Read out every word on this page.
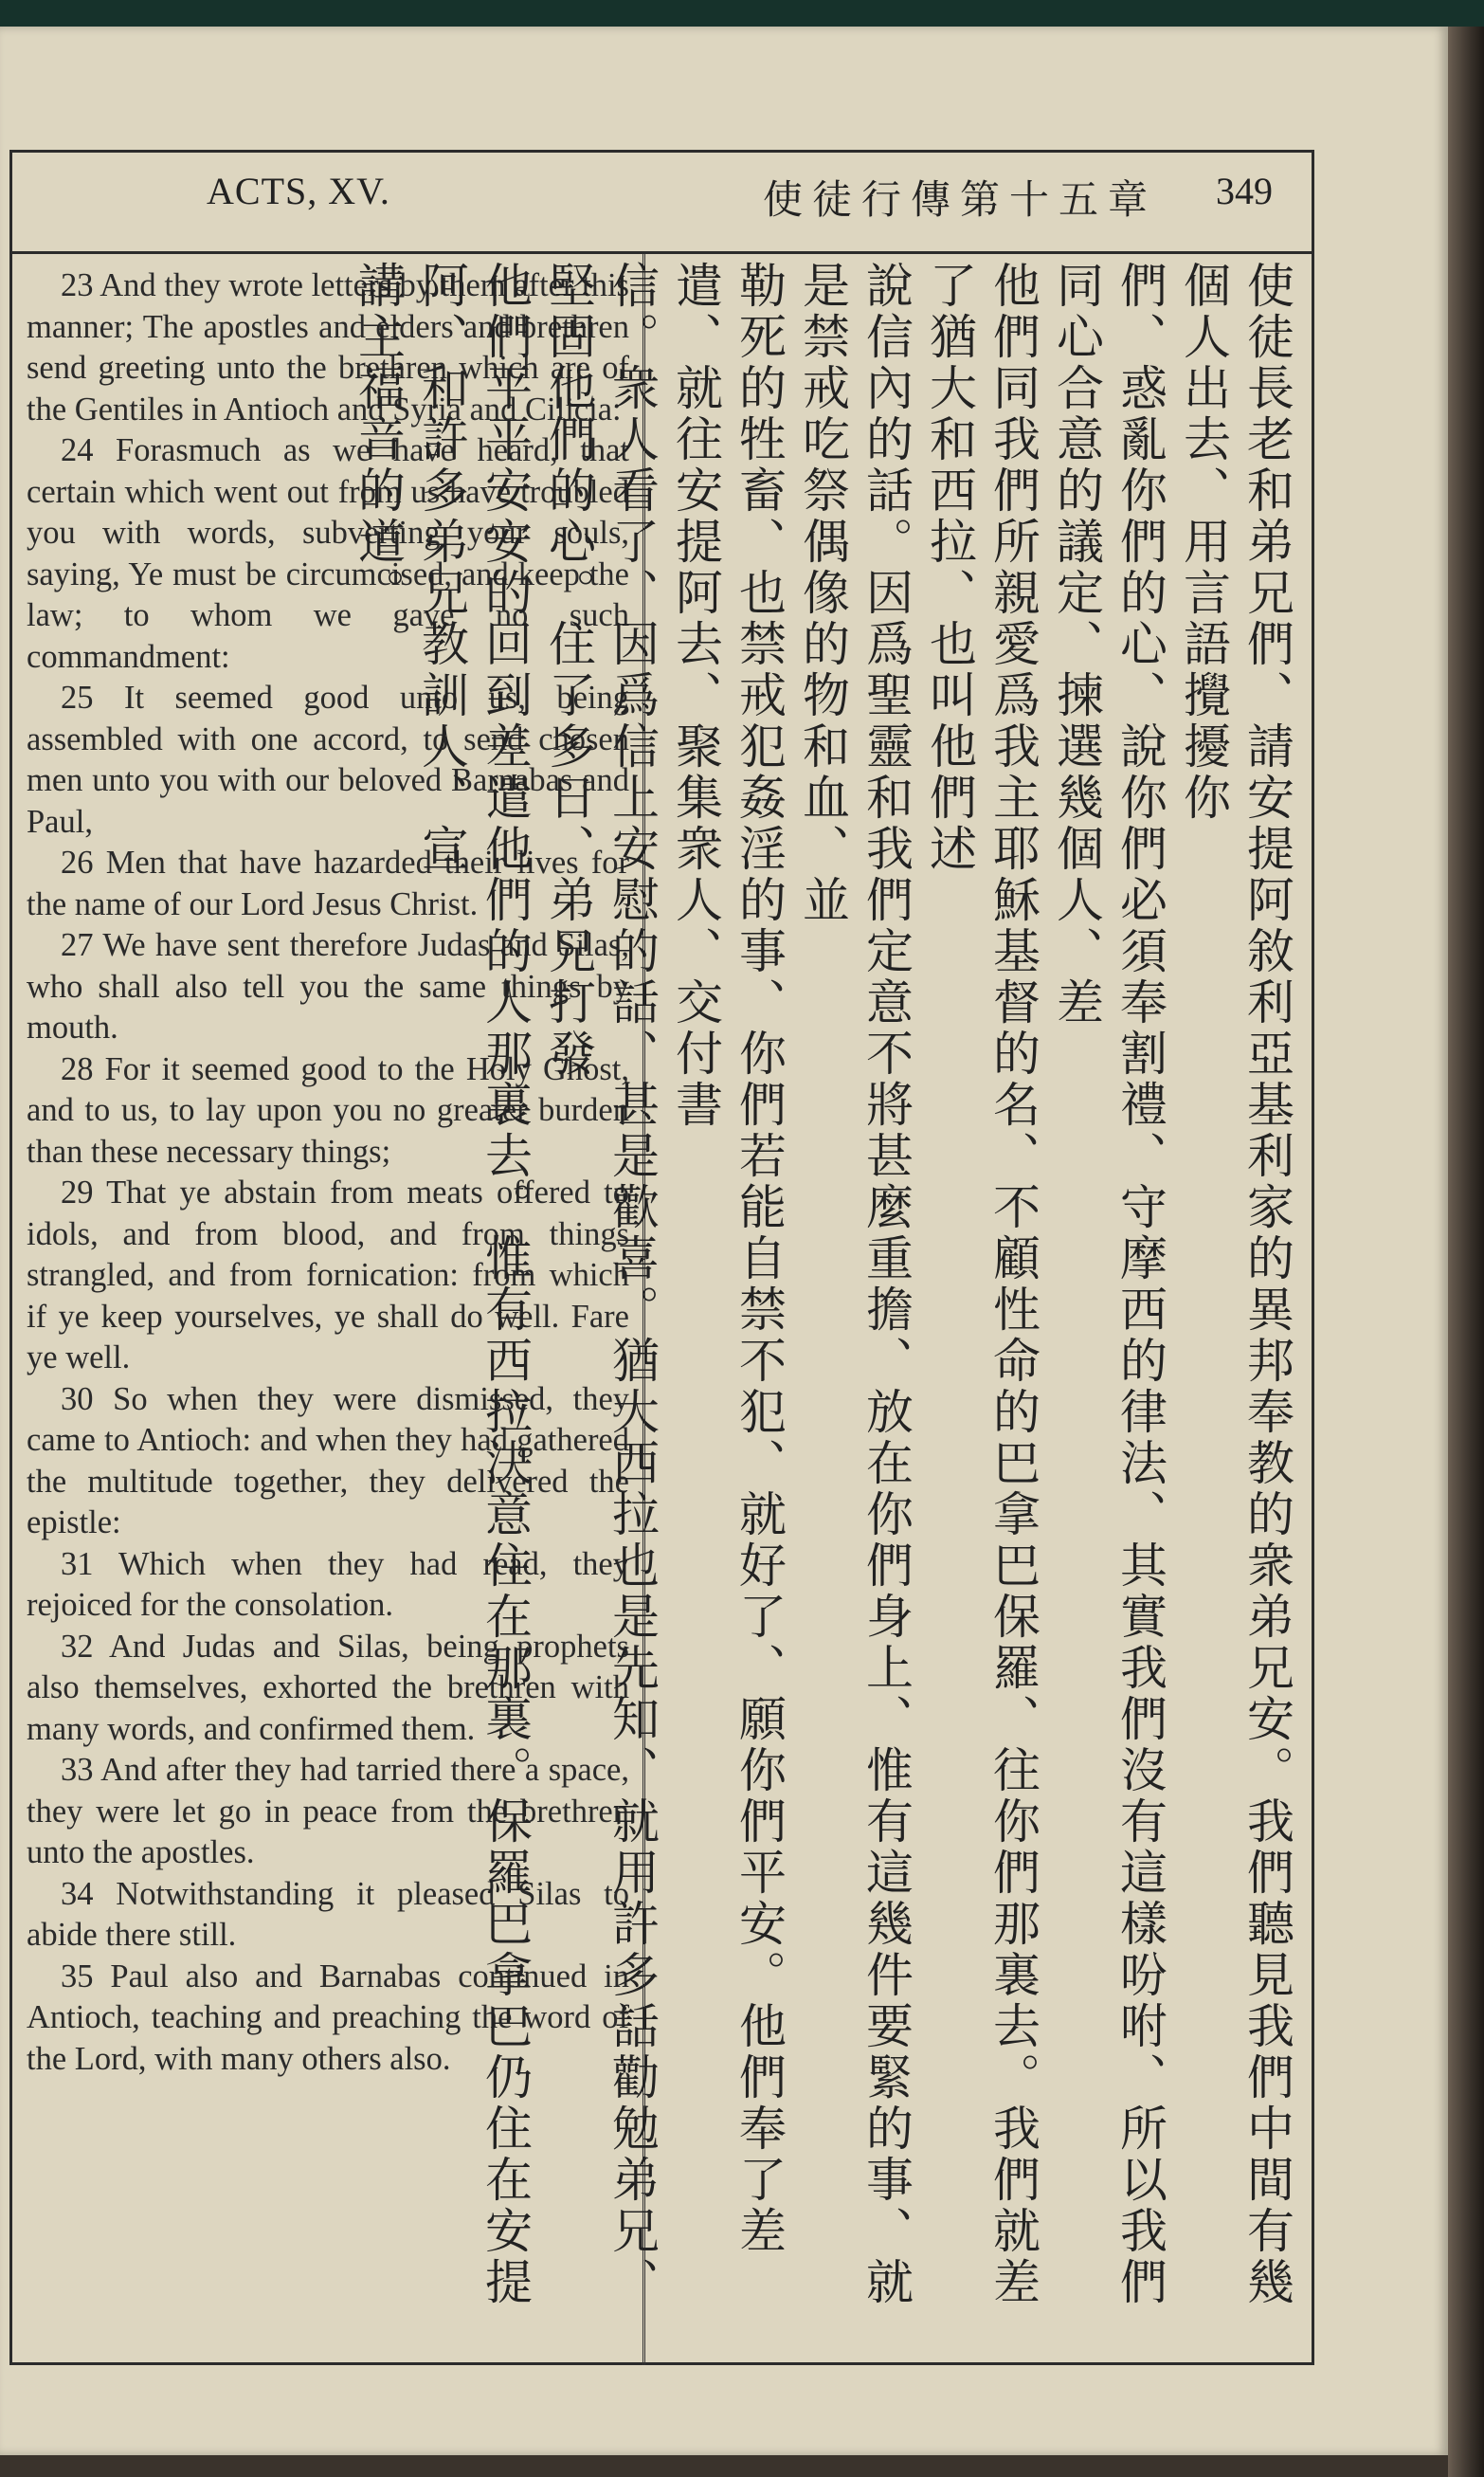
ACTS, XV.	使徒行傳第十五章 349

23 And they wrote letters by them after this manner; The apostles and elders and brethren send greeting unto the brethren which are of the Gentiles in Antioch and Syria and Cilicia:

24 Forasmuch as we have heard, that certain which went out from us have troubled you with words, subverting your souls, saying, Ye must be circumcised, and keep the law; to whom we gave no such commandment:

25 It seemed good unto us, being assembled with one accord, to send chosen men unto you with our beloved Barnabas and Paul,

26 Men that have hazarded their lives for the name of our Lord Jesus Christ.

27 We have sent therefore Judas and Silas, who shall also tell you the same things by mouth.

28 For it seemed good to the Holy Ghost, and to us, to lay upon you no greater burden than these necessary things;

29 That ye abstain from meats offered to idols, and from blood, and from things strangled, and from fornication: from which if ye keep yourselves, ye shall do well. Fare ye well.

30 So when they were dismissed, they came to Antioch: and when they had gathered the multitude together, they delivered the epistle:

31 Which when they had read, they rejoiced for the consolation.

32 And Judas and Silas, being prophets also themselves, exhorted the brethren with many words, and confirmed them.

33 And after they had tarried there a space, they were let go in peace from the brethren unto the apostles.

34 Notwithstanding it pleased Silas to abide there still.

35 Paul also and Barnabas continued in Antioch, teaching and preaching the word of the Lord, with many others also.	使徒長老和弟兄們、請安提阿敘利亞基利家的異邦奉教的衆弟兄安。我們聽見我們中間有幾個人出去、用言語攪擾你

們、惑亂你們的心、說你們必須奉割禮、守摩西的律法、其實我們沒有這樣吩咐、所以我們同心合意的議定、揀選幾個人、差

他們同我們所親愛爲我主耶穌基督的名、不顧性命的巴拿巴保羅、往你們那裏去。我們就差了猶大和西拉、也叫他們述

說信內的話。因爲聖靈和我們定意不將甚麼重擔、放在你們身上、惟有這幾件要緊的事、就是禁戒吃祭偶像的物和血、並

勒死的牲畜、也禁戒犯姦淫的事、你們若能自禁不犯、就好了、願你們平安。他們奉了差遣、就往安提阿去、聚集衆人、交付書

信。衆人看了、因爲信上安慰的話、甚是歡喜。猶大西拉也是先知、就用許多話勸勉弟兄、堅固他們的心。住了多日、弟兄打發

他們平平安安的回到差遣他們的人那裏去。惟有西拉決意住在那裏。保羅巴拿巴仍住在安提阿、和許多弟兄教訓人、宣

講主福音的道。
